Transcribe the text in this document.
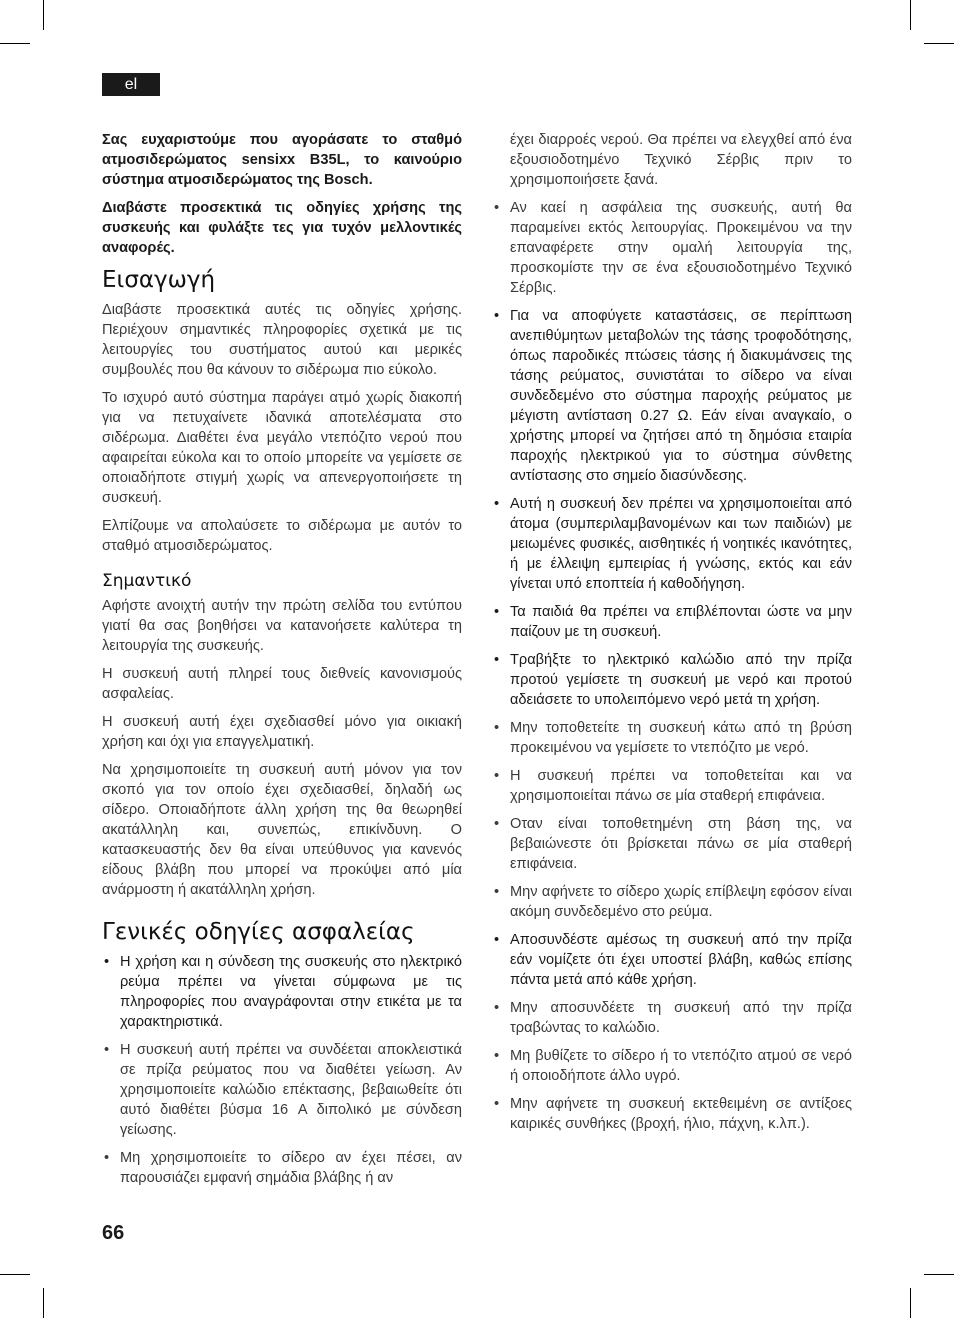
el

Σας ευχαριστούμε που αγοράσατε το σταθμό ατμοσιδερώματος sensixx B35L, το καινούριο σύστημα ατμοσιδερώματος της Bosch.

Διαβάστε προσεκτικά τις οδηγίες χρήσης της συσκευής και φυλάξτε τες για τυχόν μελλοντικές αναφορές.

Εισαγωγή

Διαβάστε προσεκτικά αυτές τις οδηγίες χρήσης. Περιέχουν σημαντικές πληροφορίες σχετικά με τις λειτουργίες του συστήματος αυτού και μερικές συμβουλές που θα κάνουν το σιδέρωμα πιο εύκολο.

Το ισχυρό αυτό σύστημα παράγει ατμό χωρίς διακοπή για να πετυχαίνετε ιδανικά αποτελέσματα στο σιδέρωμα. Διαθέτει ένα μεγάλο ντεπόζιτο νερού που αφαιρείται εύκολα και το οποίο μπορείτε να γεμίσετε σε οποιαδήποτε στιγμή χωρίς να απενεργοποιήσετε τη συσκευή.

Ελπίζουμε να απολαύσετε το σιδέρωμα με αυτόν το σταθμό ατμοσιδερώματος.

Σημαντικό

Αφήστε ανοιχτή αυτήν την πρώτη σελίδα του εντύπου γιατί θα σας βοηθήσει να κατανοήσετε καλύτερα τη λειτουργία της συσκευής.

Η συσκευή αυτή πληρεί τους διεθνείς κανονισμούς ασφαλείας.

Η συσκευή αυτή έχει σχεδιασθεί μόνο για οικιακή χρήση και όχι για επαγγελματική.

Να χρησιμοποιείτε τη συσκευή αυτή μόνον για τον σκοπό για τον οποίο έχει σχεδιασθεί, δηλαδή ως σίδερο. Οποιαδήποτε άλλη χρήση της θα θεωρηθεί ακατάλληλη και, συνεπώς, επικίνδυνη. Ο κατασκευαστής δεν θα είναι υπεύθυνος για κανενός είδους βλάβη που μπορεί να προκύψει από μία ανάρμοστη ή ακατάλληλη χρήση.

Γενικές οδηγίες ασφαλείας
• Η χρήση και η σύνδεση της συσκευής στο ηλεκτρικό ρεύμα πρέπει να γίνεται σύμφωνα με τις πληροφορίες που αναγράφονται στην ετικέτα με τα χαρακτηριστικά.
• Η συσκευή αυτή πρέπει να συνδέεται αποκλειστικά σε πρίζα ρεύματος που να διαθέτει γείωση. Αν χρησιμοποιείτε καλώδιο επέκτασης, βεβαιωθείτε ότι αυτό διαθέτει βύσμα 16 A διπολικό με σύνδεση γείωσης.
• Μη χρησιμοποιείτε το σίδερο αν έχει πέσει, αν παρουσιάζει εμφανή σημάδια βλάβης ή αν

έχει διαρροές νερού. Θα πρέπει να ελεγχθεί από ένα εξουσιοδοτημένο Τεχνικό Σέρβις πριν το χρησιμοποιήσετε ξανά.

• Αν καεί η ασφάλεια της συσκευής, αυτή θα παραμείνει εκτός λειτουργίας. Προκειμένου να την επαναφέρετε στην ομαλή λειτουργία της, προσκομίστε την σε ένα εξουσιοδοτημένο Τεχνικό Σέρβις.
• Για να αποφύγετε καταστάσεις, σε περίπτωση ανεπιθύμητων μεταβολών της τάσης τροφοδότησης, όπως παροδικές πτώσεις τάσης ή διακυμάνσεις της τάσης ρεύματος, συνιστάται το σίδερο να είναι συνδεδεμένο στο σύστημα παροχής ρεύματος με μέγιστη αντίσταση 0.27 Ω. Εάν είναι αναγκαίο, ο χρήστης μπορεί να ζητήσει από τη δημόσια εταιρία παροχής ηλεκτρικού για το σύστημα σύνθετης αντίστασης στο σημείο διασύνδεσης.
• Αυτή η συσκευή δεν πρέπει να χρησιμοποιείται από άτομα (συμπεριλαμβανομένων και των παιδιών) με μειωμένες φυσικές, αισθητικές ή νοητικές ικανότητες, ή με έλλειψη εμπειρίας ή γνώσης, εκτός και εάν γίνεται υπό εποπτεία ή καθοδήγηση.
• Τα παιδιά θα πρέπει να επιβλέπονται ώστε να μην παίζουν με τη συσκευή.
• Τραβήξτε το ηλεκτρικό καλώδιο από την πρίζα προτού γεμίσετε τη συσκευή με νερό και προτού αδειάσετε το υπολειπόμενο νερό μετά τη χρήση.
• Μην τοποθετείτε τη συσκευή κάτω από τη βρύση προκειμένου να γεμίσετε το ντεπόζιτο με νερό.
• Η συσκευή πρέπει να τοποθετείται και να χρησιμοποιείται πάνω σε μία σταθερή επιφάνεια.
• Οταν είναι τοποθετημένη στη βάση της, να βεβαιώνεστε ότι βρίσκεται πάνω σε μία σταθερή επιφάνεια.
• Μην αφήνετε το σίδερο χωρίς επίβλεψη εφόσον είναι ακόμη συνδεδεμένο στο ρεύμα.
• Αποσυνδέστε αμέσως τη συσκευή από την πρίζα εάν νομίζετε ότι έχει υποστεί βλάβη, καθώς επίσης πάντα μετά από κάθε χρήση.
• Μην αποσυνδέετε τη συσκευή από την πρίζα τραβώντας το καλώδιο.
• Μη βυθίζετε το σίδερο ή το ντεπόζιτο ατμού σε νερό ή οποιοδήποτε άλλο υγρό.
• Μην αφήνετε τη συσκευή εκτεθειμένη σε αντίξοες καιρικές συνθήκες (βροχή, ήλιο, πάχνη, κ.λπ.).
66
